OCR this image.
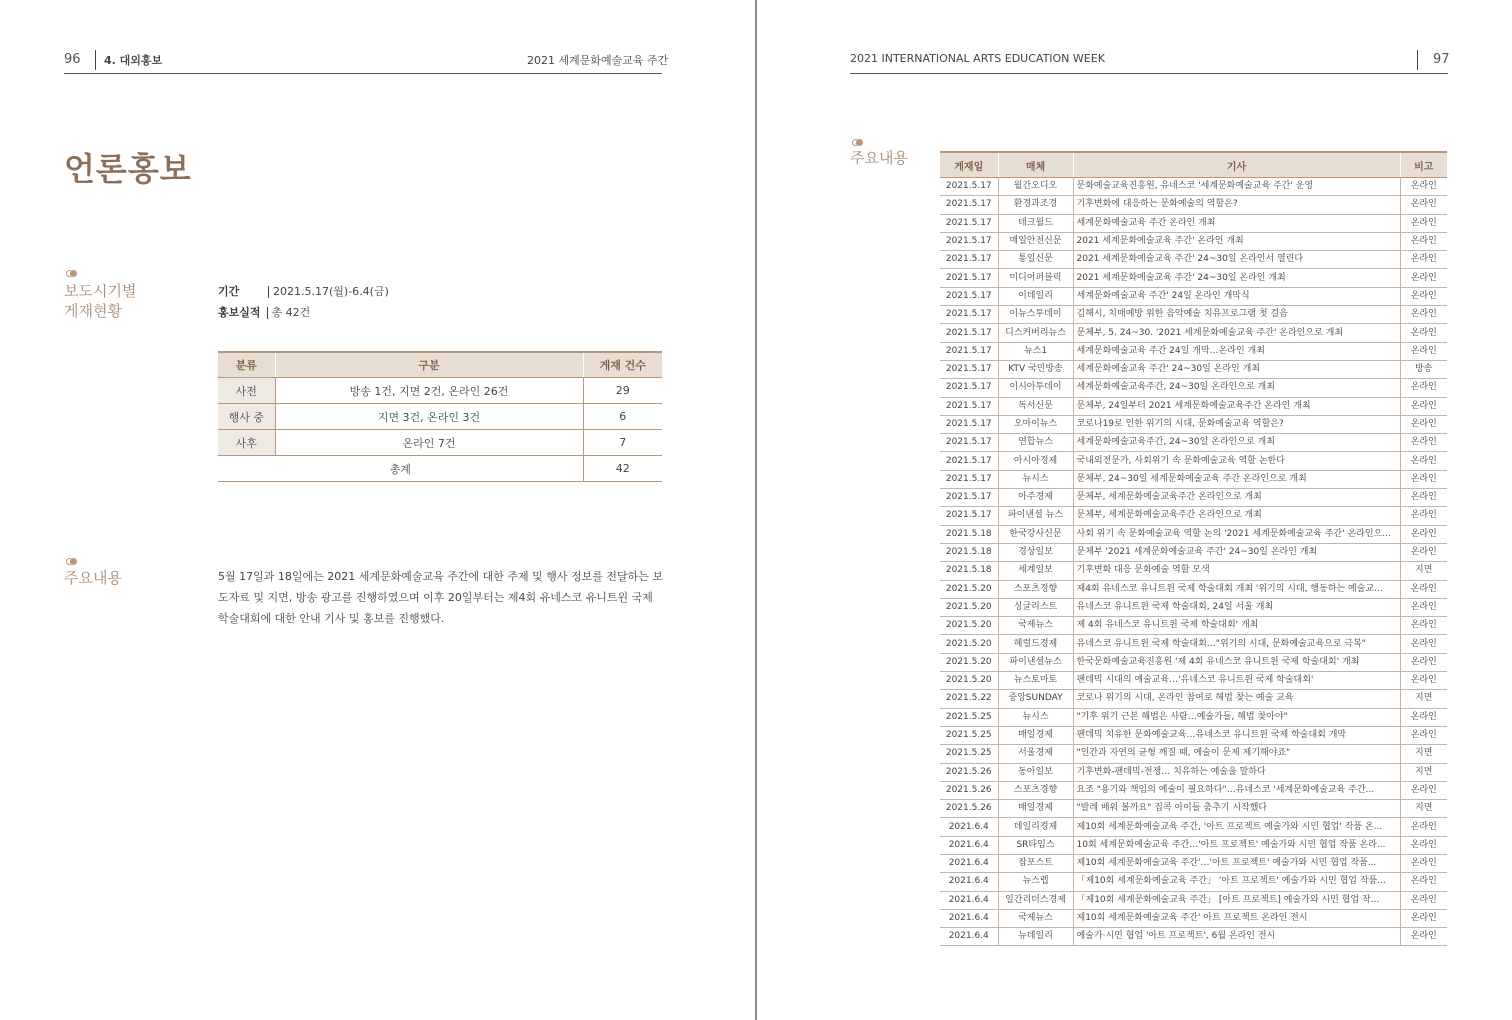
96 4. 대외홍보	2021 세계문화예술교육 주간
언론홍보
보도시기별
게재현황
기간	2021.5.17(월)-6.4(금)
홍보실적 총 42건
분류	구분	게재 건수
사전	방송 1건, 지면 2건, 온라인 26건	29
행사 중	지면 3건, 온라인 3건	6
사후	온라인 7건	7
총계		42
주요내용	5월 17일과 18일에는 2021 세계문화예술교육 주간에 대한 주제 및 행사 정보를 전달하는 보도자료 및 지면, 방송 광고를 진행하였으며 이후 20일부터는 제4회 유네스코 유니트윈 국제 학술대회에 대한 안내 기사 및 홍보를 진행했다.
2021 INTERNATIONAL ARTS EDUCATION WEEK	97
주요내용	게재일	매체	기사	비고
2021.5.17	월간오디오	문화예술교육진흥원, 유네스코 '세계문화예술교육 주간' 운영	온라인
2021.5.17	환경과조경	기후변화에 대응하는 문화예술의 역할은?	온라인
2021.5.17	테크월드	세계문화예술교육 주간 온라인 개최	온라인
2021.5.17	매일안전신문	2021 세계문화예술교육 주간' 온라인 개최	온라인
2021.5.17	통일신문	2021 세계문화예술교육 주간' 24~30일 온라인서 열린다	온라인
2021.5.17	미디어퍼블릭	2021 세계문화예술교육 주간' 24~30일 온라인 개최	온라인
2021.5.17	이데일리	세계문화예술교육 주간' 24일 온라인 개막식	온라인
2021.5.17	이뉴스투데이	김해시, 치매예방 위한 음악예술 치유프로그램 첫 걸음	온라인
2021.5.17	디스커버리뉴스	문체부, 5. 24~30. '2021 세계문화예술교육 주간' 온라인으로 개최	온라인
2021.5.17	뉴스1	세계문화예술교육 주간 24일 개막…온라인 개최	온라인
2021.5.17	KTV 국민방송	세계문화예술교육 주간' 24~30일 온라인 개최	방송
2021.5.17	이시아투데이	세계문화예술교육주간, 24~30일 온라인으로 개최	온라인
2021.5.17	독서신문	문체부, 24일부터 2021 세계문화예술교육주간 온라인 개최	온라인
2021.5.17	오마이뉴스	코로나19로 인한 위기의 시대, 문화예술교육 역할은?	온라인
2021.5.17	연합뉴스	세계문화예술교육주간, 24~30일 온라인으로 개최	온라인
2021.5.17	아시아경제	국내외전문가, 사회위기 속 문화예술교육 역할 논한다	온라인
2021.5.17	뉴시스	문체부, 24~30일 세계문화예술교육 주간 온라인으로 개최	온라인
2021.5.17	아주경제	문체부, 세계문화예술교육주간 온라인으로 개최	온라인
2021.5.17	파이낸셜 뉴스	문체부, 세계문화예술교육주간 온라인으로 개최	온라인
2021.5.18	한국강사신문	사회 위기 속 문화예술교육 역할 논의 '2021 세계문화예술교육 주간' 온라인으...	온라인
2021.5.18	경상일보	문체부 '2021 세계문화예술교육 주간' 24~30일 온라인 개최	온라인
2021.5.18	세계일보	기후변화 대응 문화예술 역할 모색	지면
2021.5.20	스포츠경향	제4회 유네스코 유니트윈 국제 학술대회 개최 '위기의 시대, 행동하는 예술교...	온라인
2021.5.20	싱글리스트	유네스코 유니트윈 국제 학술대회, 24일 서울 개최	온라인
2021.5.20	국제뉴스	제 4회 유네스코 유니트윈 국제 학술대회' 개최	온라인
2021.5.20	헤럴드경제	유네스코 유니트윈 국제 학술대회…"위기의 시대, 문화예술교육으로 극복"	온라인
2021.5.20	파이낸셜뉴스	한국문화예술교육진흥원 '제 4회 유네스코 유니트윈 국제 학술대회' 개최	온라인
2021.5.20	뉴스토마토	팬데믹 시대의 예술교육…'유네스코 유니트윈 국제 학술대회'	온라인
2021.5.22	중앙SUNDAY	코로나 위기의 시대, 온라인 참여로 해법 찾는 예술 교육	지면
2021.5.25	뉴시스	"기후 위기 근본 해법은 사람…예술가들, 해법 찾아야"	온라인
2021.5.25	매일경제	팬데믹 치유한 문화예술교육…유네스코 유니트윈 국제 학술대회 개막	온라인
2021.5.25	서울경제	"인간과 자연의 균형 깨질 때, 예술이 문제 제기해야죠"	지면
2021.5.26	동아일보	기후변화-팬데믹-전쟁… 치유하는 예술을 말하다	지면
2021.5.26	스포츠경향	요조 "용기와 책임의 예술이 필요하다"…유네스코 '세계문화예술교육 주간...	온라인
2021.5.26	매일경제	"발레 배워 볼까요" 집콕 아이들 춤추기 시작했다	지면
2021.6.4	데일리경제	제10회 세계문화예술교육 주간, '아트 프로젝트 예술가와 시민 협업' 작품 온...	온라인
2021.6.4	SR타임스	10회 세계문화예술교육 주간…'아트 프로젝트' 예술가와 시민 협업 작품 온라...	온라인
2021.6.4	잡포스트	제10회 세계문화예술교육 주간'…'아트 프로젝트' 예술가와 시민 협업 작품...	온라인
2021.6.4	뉴스렙	「제10회 세계문화예술교육 주간」 '아트 프로젝트' 예술가와 시민 협업 작품...	온라인
2021.6.4	일간리더스경제	「제10회 세계문화예술교육 주간」 [아트 프로젝트] 예술가와 시민 협업 작...	온라인
2021.6.4	국제뉴스	제10회 세계문화예술교육 주간' 아트 프로젝트 온라인 전시	온라인
2021.6.4	뉴데일리	예술가·시민 협업 '아트 프로젝트', 6월 온라인 전시	온라인
